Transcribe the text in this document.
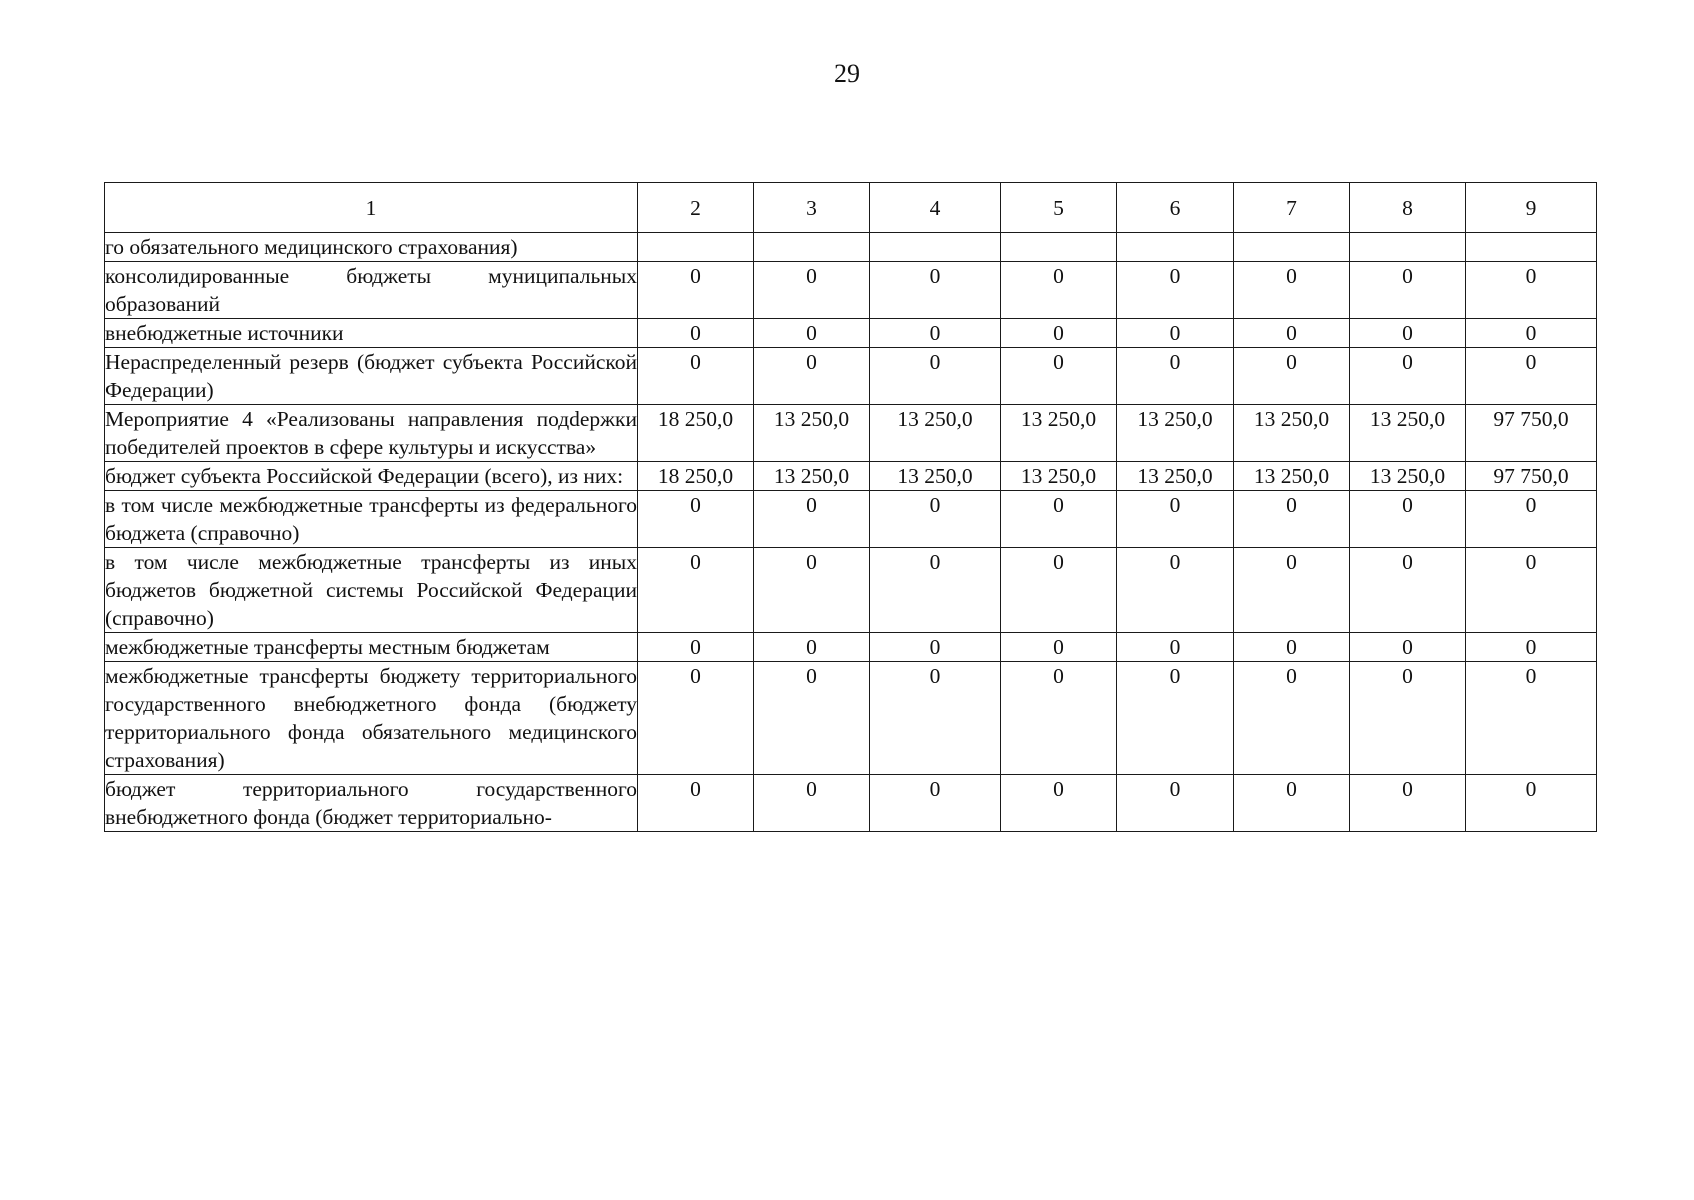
29
1	2	3	4	5	6	7	8	9
го обязательного медицинского страхования)								
консолидированные бюджеты муниципальных образований	0	0	0	0	0	0	0	0
внебюджетные источники	0	0	0	0	0	0	0	0
Нераспределенный резерв (бюджет субъекта Российской Федерации)	0	0	0	0	0	0	0	0
Мероприятие 4 «Реализованы направления подdержки победителей проектов в сфере культуры и искусства»	18 250,0	13 250,0	13 250,0	13 250,0	13 250,0	13 250,0	13 250,0	97 750,0
бюджет субъекта Российской Федерации (всего), из них:	18 250,0	13 250,0	13 250,0	13 250,0	13 250,0	13 250,0	13 250,0	97 750,0
в том числе межбюджетные трансферты из федерального бюджета (справочно)	0	0	0	0	0	0	0	0
в том числе межбюджетные трансферты из иных бюджетов бюджетной системы Российской Федерации (справочно)	0	0	0	0	0	0	0	0
межбюджетные трансферты местным бюджетам	0	0	0	0	0	0	0	0
межбюджетные трансферты бюджету территориального государственного внебюджетного фонда (бюджету территориального фонда обязательного медицинского страхования)	0	0	0	0	0	0	0	0
бюджет территориального государственного внебюджетного фонда (бюджет территориально-	0	0	0	0	0	0	0	0
